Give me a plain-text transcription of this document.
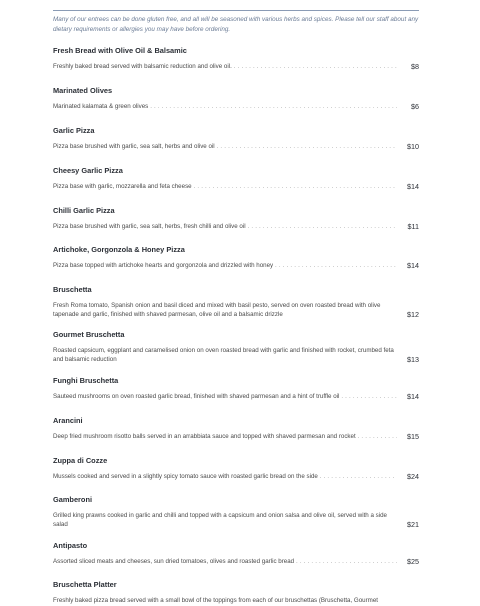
Many of our entrees can be done gluten free, and all will be seasoned with various herbs and spices. Please tell our staff about any dietary requirements or allergies you may have before ordering.
Fresh Bread with Olive Oil & Balsamic
Freshly baked bread served with balsamic reduction and olive oil. . . .	$8
Marinated Olives
Marinated kalamata & green olives . . .	$6
Garlic Pizza
Pizza base brushed with garlic, sea salt, herbs and olive oil . . .	$10
Cheesy Garlic Pizza
Pizza base with garlic, mozzarella and feta cheese . . .	$14
Chilli Garlic Pizza
Pizza base brushed with garlic, sea salt, herbs, fresh chilli and olive oil . . .	$11
Artichoke, Gorgonzola & Honey Pizza
Pizza base topped with artichoke hearts and gorgonzola and drizzled with honey . . .	$14
Bruschetta
Fresh Roma tomato, Spanish onion and basil diced and mixed with basil pesto, served on oven roasted bread with olive tapenade and garlic, finished with shaved parmesan, olive oil and a balsamic drizzle	$12
Gourmet Bruschetta
Roasted capsicum, eggplant and caramelised onion on oven roasted bread with garlic and finished with rocket, crumbed feta and balsamic reduction	$13
Funghi Bruschetta
Sauteed mushrooms on oven roasted garlic bread, finished with shaved parmesan and a hint of truffle oil . . .	$14
Arancini
Deep fried mushroom risotto balls served in an arrabbiata sauce and topped with shaved parmesan and rocket . . .	$15
Zuppa di Cozze
Mussels cooked and served in a slightly spicy tomato sauce with roasted garlic bread on the side . . .	$24
Gamberoni
Grilled king prawns cooked in garlic and chilli and topped with a capsicum and onion salsa and olive oil, served with a side salad	$21
Antipasto
Assorted sliced meats and cheeses, sun dried tomatoes, olives and roasted garlic bread . . .	$25
Bruschetta Platter
Freshly baked pizza bread served with a small bowl of the toppings from each of our bruschettas (Bruschetta, Gourmet
